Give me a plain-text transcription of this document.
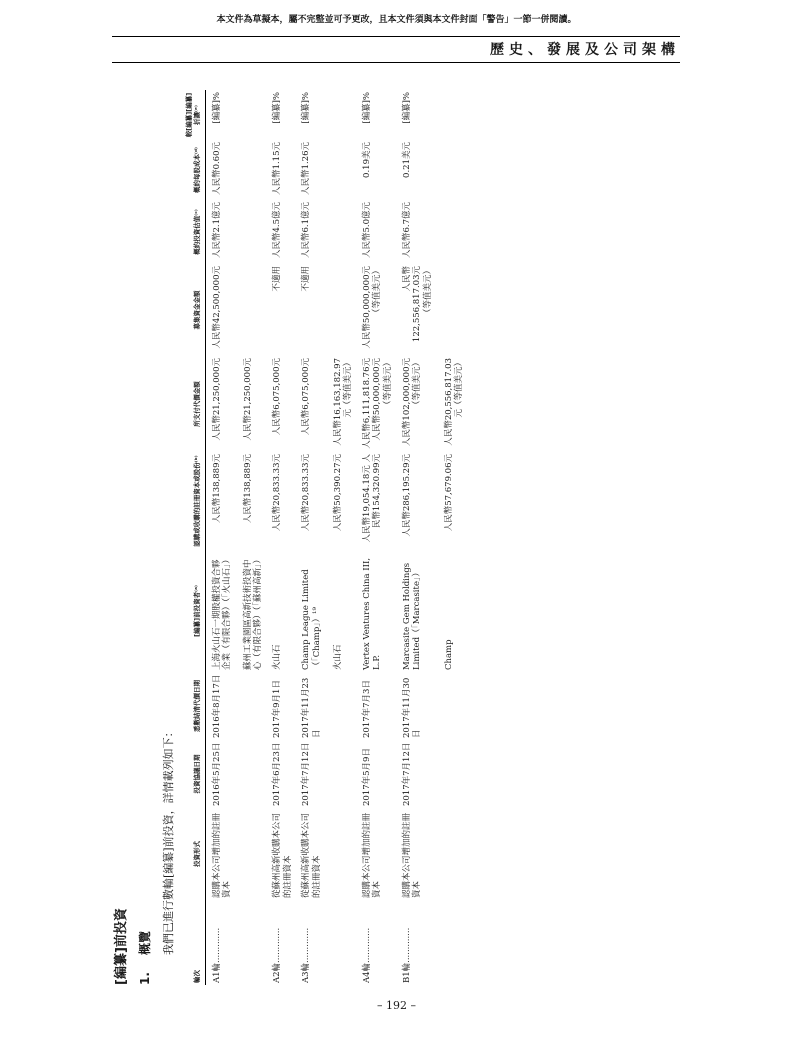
本文件為草擬本，屬不完整並可予更改，且本文件須與本文件封面「警告」一節一併閱讀。
歷史、發展及公司架構
[編纂]前投資 1.概覽 我們已進行數輪[編纂]前投資，詳情載列如下：
輪次	投資形式	投資協議日期	悉數結清代價日期	[編纂]前投資者⁽ᵃ⁾	認購或收購的註冊資本或股份⁽ᵇ⁾	所支付代價金額	募集資金金額	概約投資估值⁽ᶜ⁾	概約每股成本⁽ᵈ⁾	較[編纂][編纂]折讓⁽ᵉ⁾
A1輪.............	認購本公司增加的註冊資本	2016年5月25日	2016年8月17日	上海火山石一期股權投資合夥企業（有限合夥）（「火山石」）	人民幣138,889元	人民幣21,250,000元	人民幣42,500,000元	人民幣2.1億元	人民幣0.60元	[編纂]%
				蘇州工業園區高新技術投資中心（有限合夥）（「蘇州高新」）	人民幣138,889元	人民幣21,250,000元				
A2輪.............	從蘇州高新收購本公司的註冊資本	2017年6月23日	2017年9月1日	火山石	人民幣20,833.33元	人民幣6,075,000元	不適用	人民幣4.5億元	人民幣1.15元	[編纂]%
A3輪.............	從蘇州高新收購本公司的註冊資本	2017年7月12日	2017年11月23日	Champ League Limited（「Champ」）¹⁹	人民幣20,833.33元	人民幣6,075,000元	不適用	人民幣6.1億元	人民幣1.26元	[編纂]%
				火山石	人民幣50,390.27元	人民幣16,163,182.97元（等值美元）				
A4輪.............	認購本公司增加的註冊資本	2017年5月9日	2017年7月3日	Vertex Ventures China III, L.P.	人民幣19,054.18元 人民幣154,320.99元	人民幣6,111,818.76元 人民幣50,000,000元（等值美元）	人民幣50,000,000元（等值美元）	人民幣5.0億元	0.19美元	[編纂]%
B1輪.............	認購本公司增加的註冊資本	2017年7月12日	2017年11月30日	Marcasite Gem Holdings Limited（「Marcasite」）	人民幣286,195.29元	人民幣102,000,000元（等值美元）	人民幣122,556,817.03元（等值美元）	人民幣6.7億元	0.21美元	[編纂]%
				Champ	人民幣57,679.06元	人民幣20,556,817.03元（等值美元）				
– 192 –
